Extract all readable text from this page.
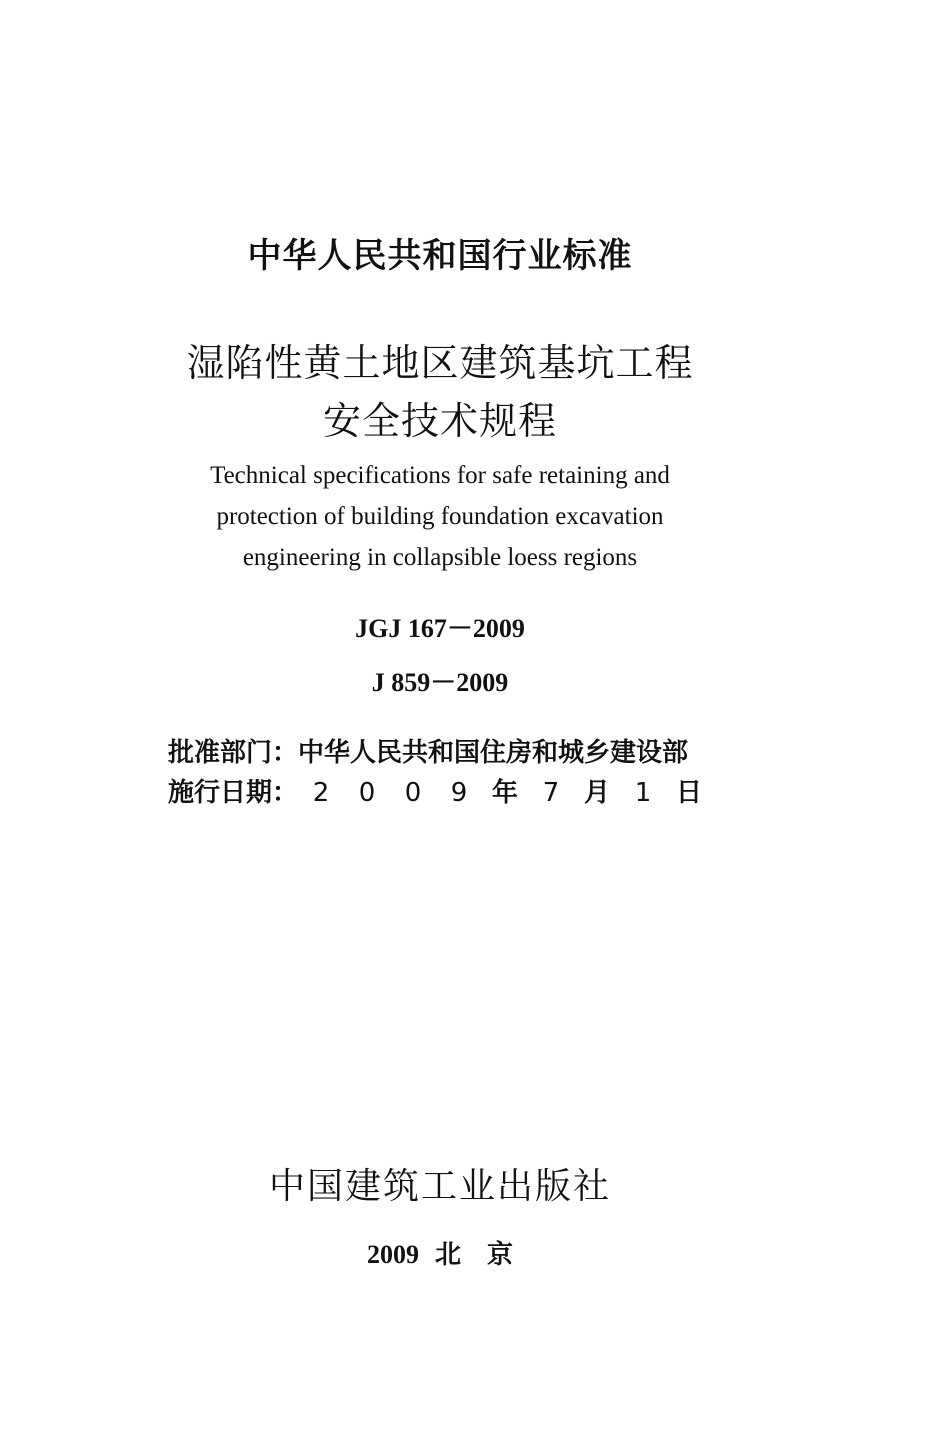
中华人民共和国行业标准
湿陷性黄土地区建筑基坑工程
安全技术规程
Technical specifications for safe retaining and
protection of building foundation excavation
engineering in collapsible loess regions
JGJ 167－2009
J 859－2009
批准部门：中华人民共和国住房和城乡建设部
施行日期： 2 0 0 9 年 7 月 1 日
中国建筑工业出版社
2009 北　京
